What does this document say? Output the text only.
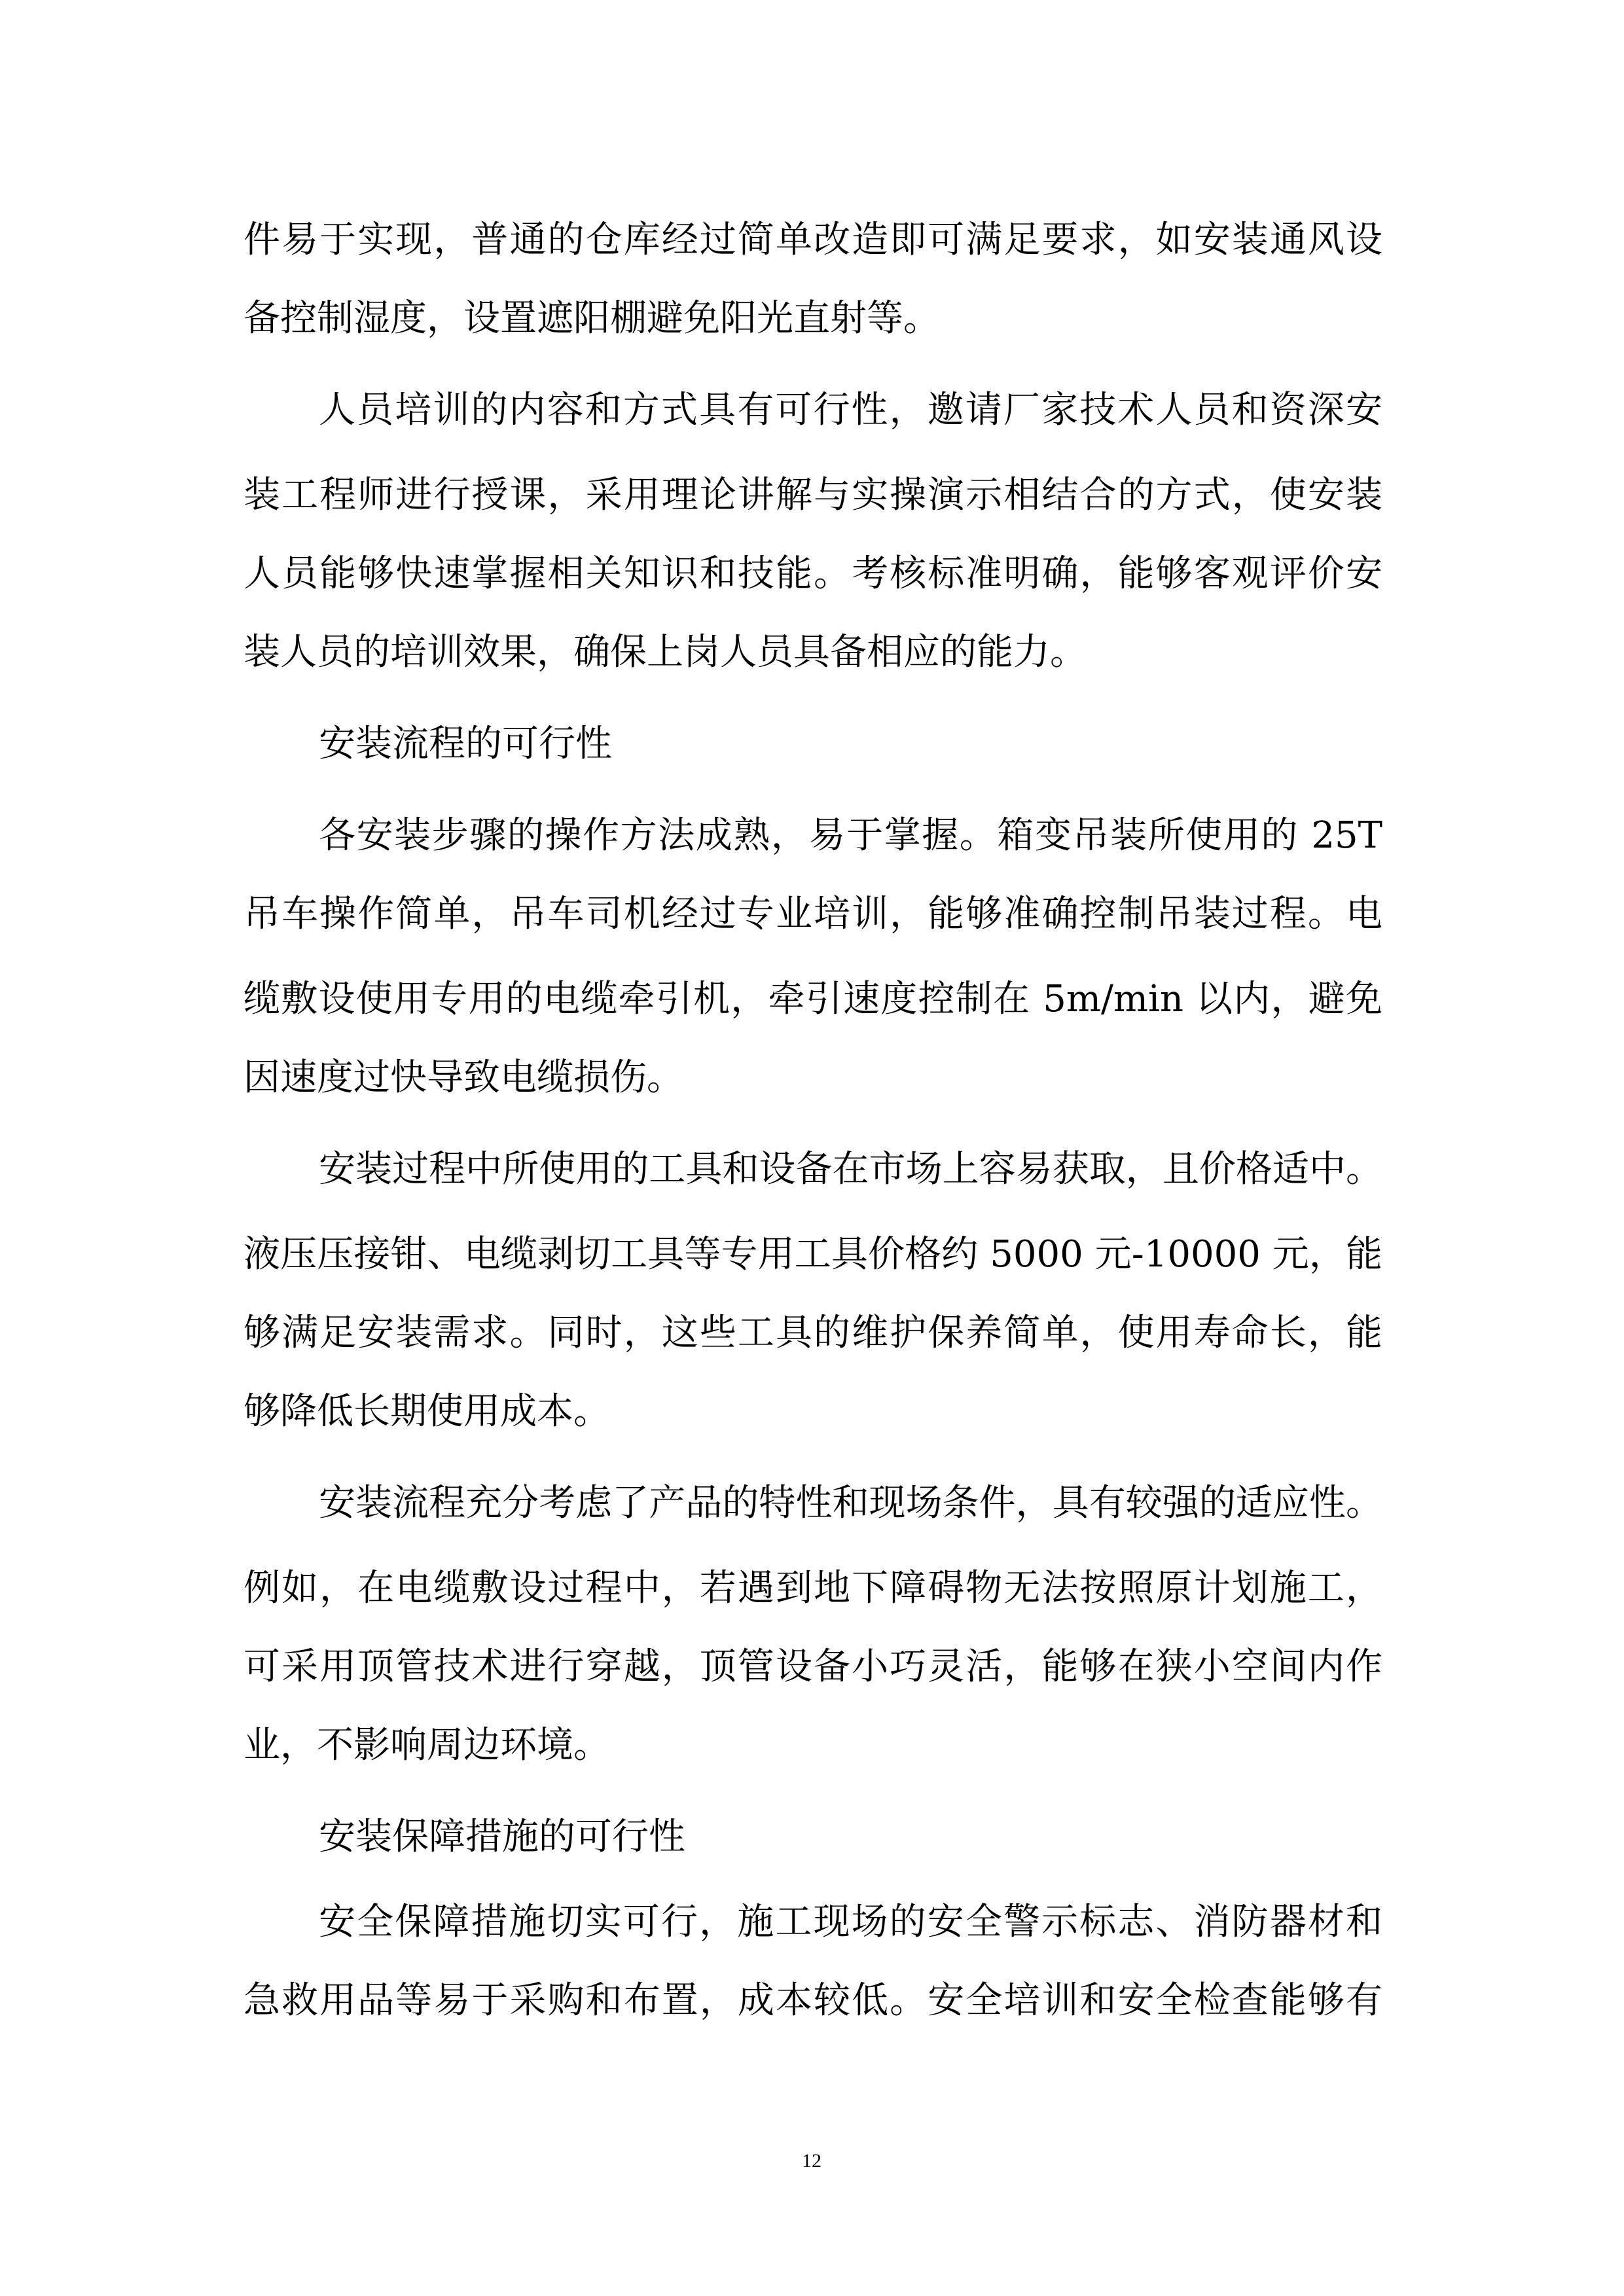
件易于实现，普通的仓库经过简单改造即可满足要求，如安装通风设
备控制湿度，设置遮阳棚避免阳光直射等。
人员培训的内容和方式具有可行性，邀请厂家技术人员和资深安
装工程师进行授课，采用理论讲解与实操演示相结合的方式，使安装
人员能够快速掌握相关知识和技能。考核标准明确，能够客观评价安
装人员的培训效果，确保上岗人员具备相应的能力。
安装流程的可行性
各安装步骤的操作方法成熟，易于掌握。箱变吊装所使用的 25T
吊车操作简单，吊车司机经过专业培训，能够准确控制吊装过程。电
缆敷设使用专用的电缆牵引机，牵引速度控制在 5m/min 以内，避免
因速度过快导致电缆损伤。
安装过程中所使用的工具和设备在市场上容易获取，且价格适中。
液压压接钳、电缆剥切工具等专用工具价格约 5000 元-10000 元，能
够满足安装需求。同时，这些工具的维护保养简单，使用寿命长，能
够降低长期使用成本。
安装流程充分考虑了产品的特性和现场条件，具有较强的适应性。
例如，在电缆敷设过程中，若遇到地下障碍物无法按照原计划施工，
可采用顶管技术进行穿越，顶管设备小巧灵活，能够在狭小空间内作
业，不影响周边环境。
安装保障措施的可行性
安全保障措施切实可行，施工现场的安全警示标志、消防器材和
急救用品等易于采购和布置，成本较低。安全培训和安全检查能够有
12
